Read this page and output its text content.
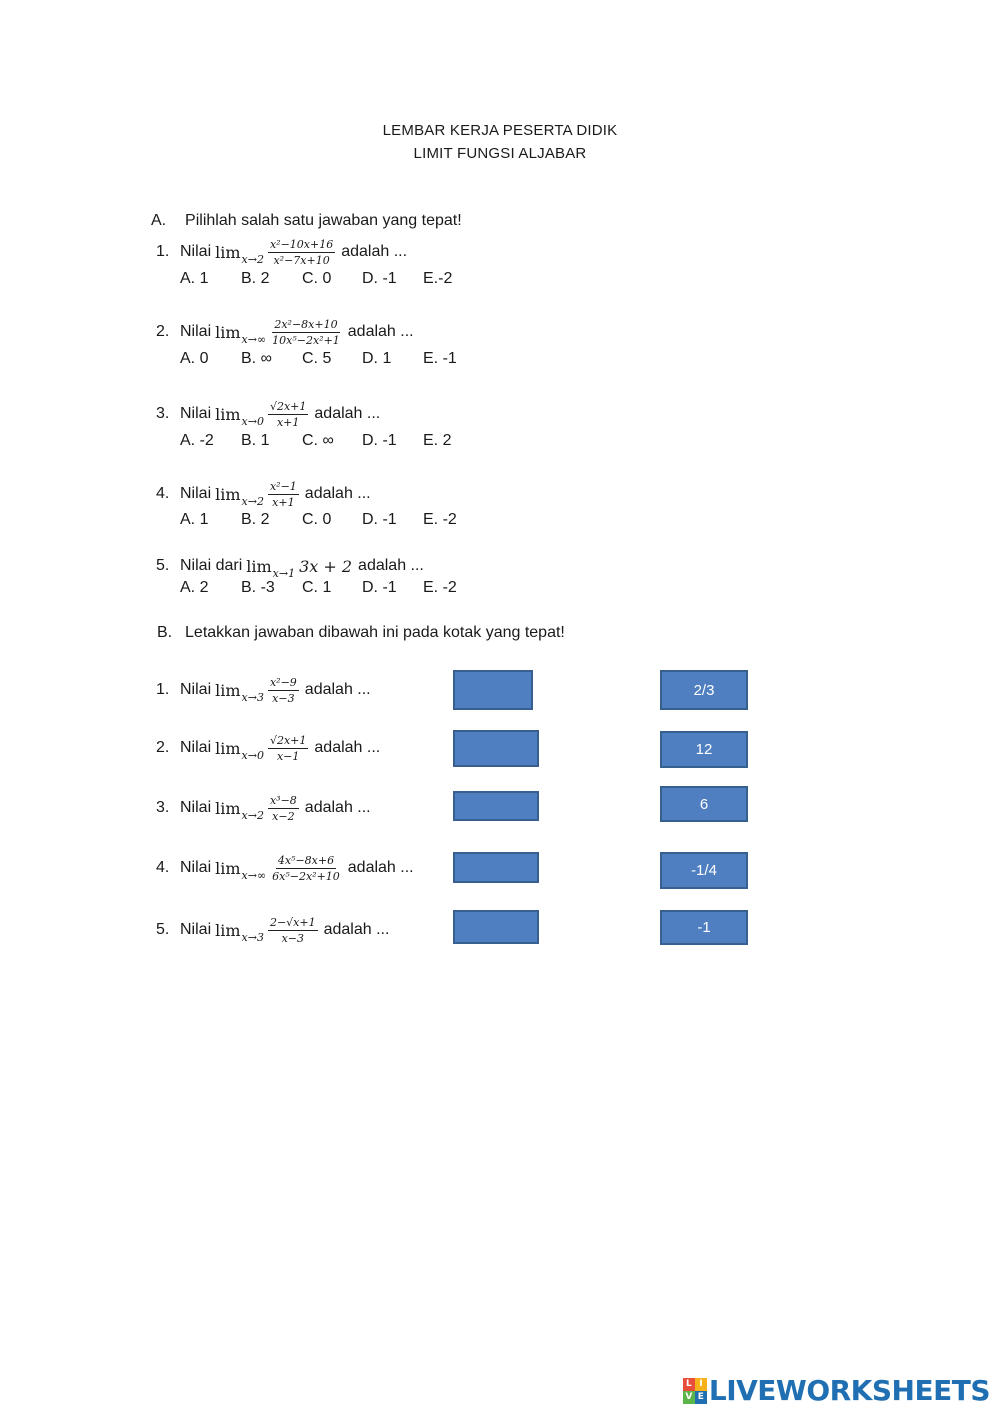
LEMBAR KERJA PESERTA DIDIK
LIMIT FUNGSI ALJABAR
A. Pilihlah salah satu jawaban yang tepat!
1. Nilai $\lim_{x\to 2} \frac{\text{x²−10x+16}}{\text{x²−7x+10}}$ adalah ...
A. 1 B. 2 C. 0 D. -1 E.-2
2. Nilai $\lim_{x\to\infty} \frac{\text{2x²−8x+10}}{\text{10x⁵−2x²+1}}$ adalah ...
A. 0 B. ∞ C. 5 D. 1 E. -1
3. Nilai $\lim_{x\to 0} \frac{√2x+1}{x+1}$ adalah ...
A. -2 B. 1 C. ∞ D. -1 E. 2
4. Nilai $\lim_{x\to 2} \frac{\text{x²−1}}{x+1}$ adalah ...
A. 1 B. 2 C. 0 D. -1 E. -2
5. Nilai dari $\lim_{x\to 1} 3x + 2$ adalah ...
A. 2 B. -3 C. 1 D. -1 E. -2
B. Letakkan jawaban dibawah ini pada kotak yang tepat!
1. Nilai $\lim_{x\to 3} \frac{\text{x²−9}}{x-3}$ adalah ...
2. Nilai $\lim_{x\to 0} \frac{√2x+1}{x-1}$ adalah ...
3. Nilai $\lim_{x\to 2} \frac{\text{x³−8}}{x-2}$ adalah ...
4. Nilai $\lim_{x\to\infty} \frac{\text{4x⁵−8x+6}}{\text{6x⁵−2x²+10}}$ adalah ...
5. Nilai $\lim_{x\to 3} \frac{2-√x+1}{x-3}$ adalah ...
2/3
12
6
-1/4
-1
L I
V E LIVEWORKSHEETS
